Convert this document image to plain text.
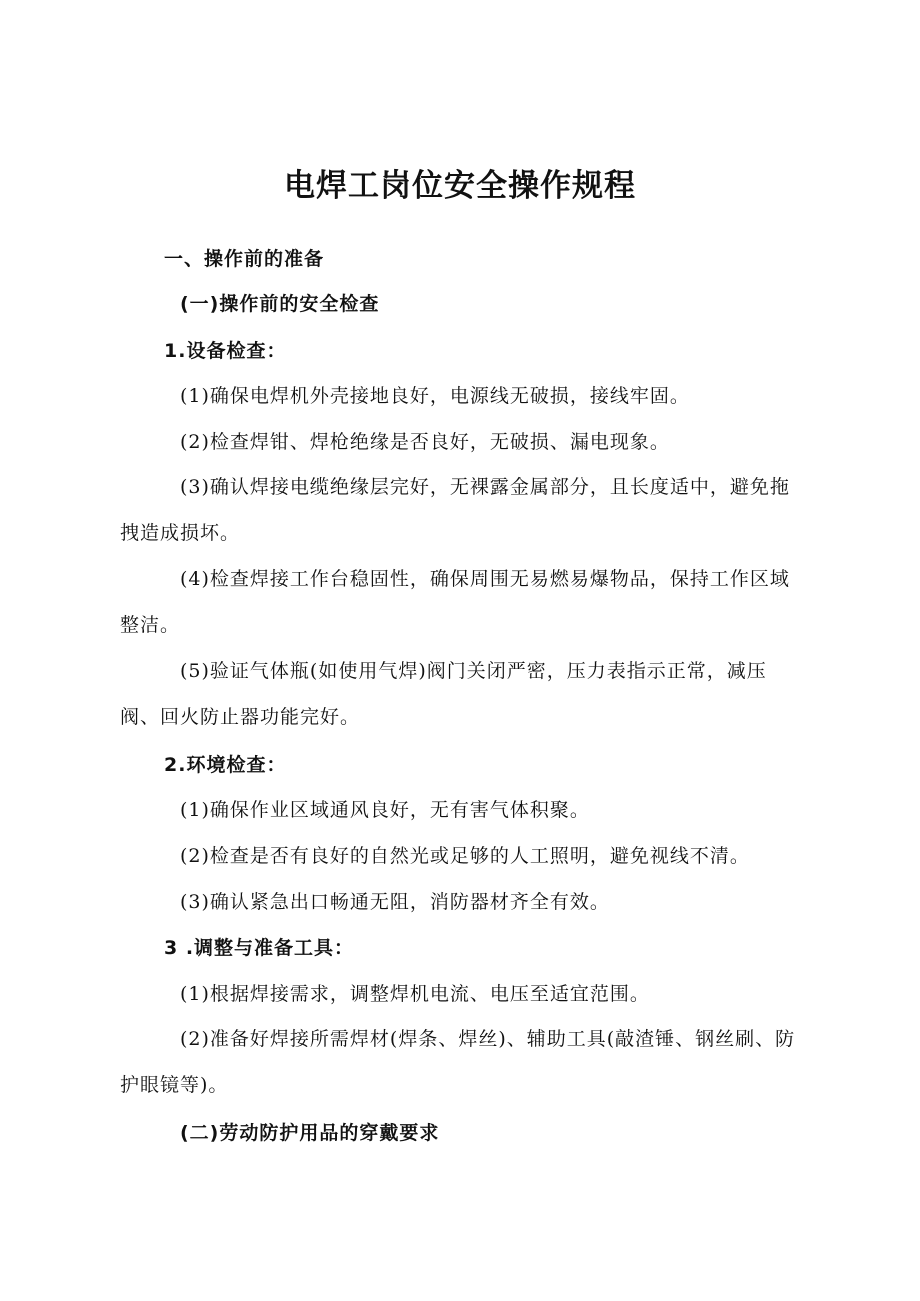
电焊工岗位安全操作规程
一、操作前的准备
(一)操作前的安全检查
1.设备检查：
(1)确保电焊机外壳接地良好，电源线无破损，接线牢固。
(2)检查焊钳、焊枪绝缘是否良好，无破损、漏电现象。
(3)确认焊接电缆绝缘层完好，无裸露金属部分，且长度适中，避免拖拽造成损坏。
(4)检查焊接工作台稳固性，确保周围无易燃易爆物品，保持工作区域整洁。
(5)验证气体瓶(如使用气焊)阀门关闭严密，压力表指示正常，减压阀、回火防止器功能完好。
2.环境检查：
(1)确保作业区域通风良好，无有害气体积聚。
(2)检查是否有良好的自然光或足够的人工照明，避免视线不清。
(3)确认紧急出口畅通无阻，消防器材齐全有效。
3 .调整与准备工具：
(1)根据焊接需求，调整焊机电流、电压至适宜范围。
(2)准备好焊接所需焊材(焊条、焊丝)、辅助工具(敲渣锤、钢丝刷、防护眼镜等)。
(二)劳动防护用品的穿戴要求
